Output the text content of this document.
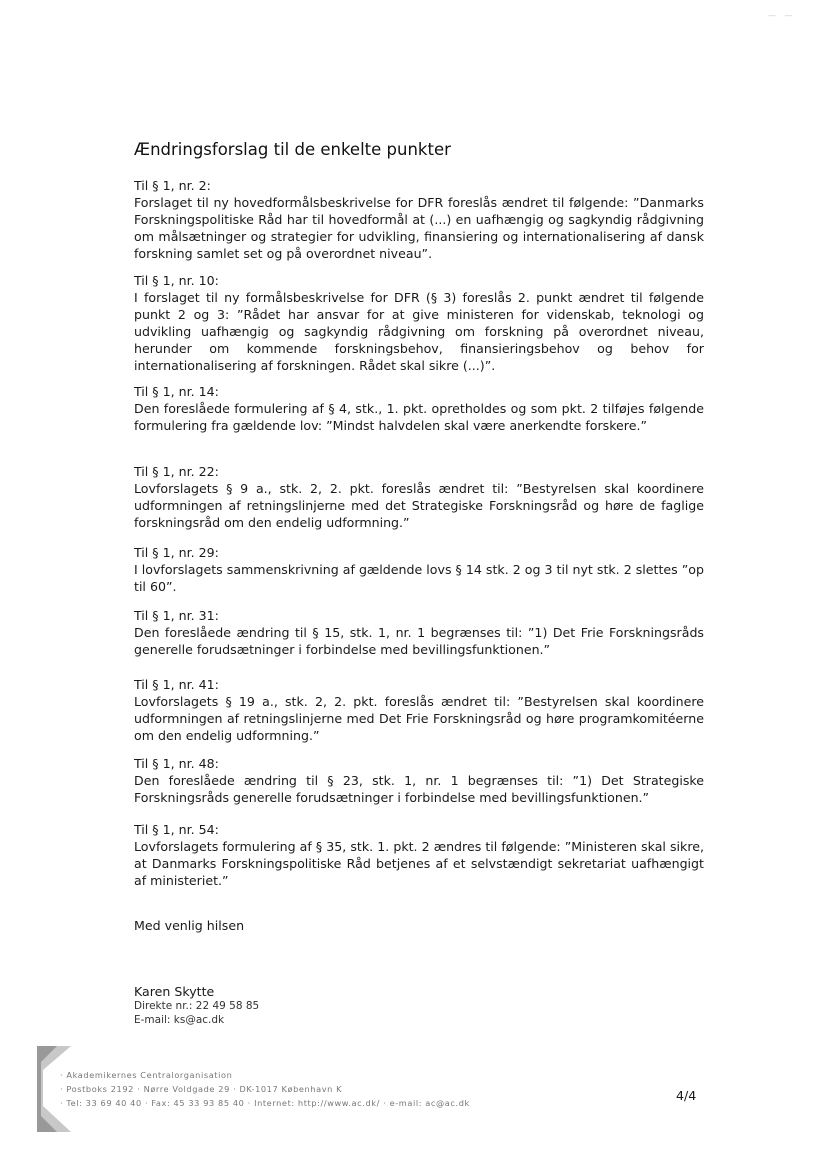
— —
Ændringsforslag til de enkelte punkter
Til § 1, nr. 2:
Forslaget til ny hovedformålsbeskrivelse for DFR foreslås ændret til følgende: ”Danmarks Forskningspolitiske Råd har til hovedformål at (...) en uafhængig og sagkyndig rådgivning om målsætninger og strategier for udvikling, finansiering og internationalisering af dansk forskning samlet set og på overordnet niveau”.
Til § 1, nr. 10:
I forslaget til ny formålsbeskrivelse for DFR (§ 3) foreslås 2. punkt ændret til følgende punkt 2 og 3: ”Rådet har ansvar for at give ministeren for videnskab, teknologi og udvikling uafhængig og sagkyndig rådgivning om forskning på overordnet niveau, herunder om kommende forskningsbehov, finansieringsbehov og behov for internationalisering af forskningen. Rådet skal sikre (...)”.
Til § 1, nr. 14:
Den foreslåede formulering af § 4, stk., 1. pkt. opretholdes og som pkt. 2 tilføjes følgende formulering fra gældende lov: ”Mindst halvdelen skal være anerkendte forskere.”
Til § 1, nr. 22:
Lovforslagets § 9 a., stk. 2, 2. pkt. foreslås ændret til: ”Bestyrelsen skal koordinere udformningen af retningslinjerne med det Strategiske Forskningsråd og høre de faglige forskningsråd om den endelig udformning.”
Til § 1, nr. 29:
I lovforslagets sammenskrivning af gældende lovs § 14 stk. 2 og 3 til nyt stk. 2 slettes ”op til 60”.
Til § 1, nr. 31:
Den foreslåede ændring til § 15, stk. 1, nr. 1 begrænses til: ”1) Det Frie Forskningsråds generelle forudsætninger i forbindelse med bevillingsfunktionen.”
Til § 1, nr. 41:
Lovforslagets § 19 a., stk. 2, 2. pkt. foreslås ændret til: ”Bestyrelsen skal koordinere udformningen af retningslinjerne med Det Frie Forskningsråd og høre programkomitéerne om den endelig udformning.”
Til § 1, nr. 48:
Den foreslåede ændring til § 23, stk. 1, nr. 1 begrænses til: ”1) Det Strategiske Forskningsråds generelle forudsætninger i forbindelse med bevillingsfunktionen.”
Til § 1, nr. 54:
Lovforslagets formulering af § 35, stk. 1. pkt. 2 ændres til følgende: ”Ministeren skal sikre, at Danmarks Forskningspolitiske Råd betjenes af et selvstændigt sekretariat uafhængigt af ministeriet.”
Med venlig hilsen
Karen Skytte
Direkte nr.: 22 49 58 85
E-mail: ks@ac.dk
· Akademikernes Centralorganisation
· Postboks 2192 · Nørre Voldgade 29 · DK-1017 København K
· Tel: 33 69 40 40 · Fax: 45 33 93 85 40 · Internet: http://www.ac.dk/ · e-mail: ac@ac.dk	4/4
